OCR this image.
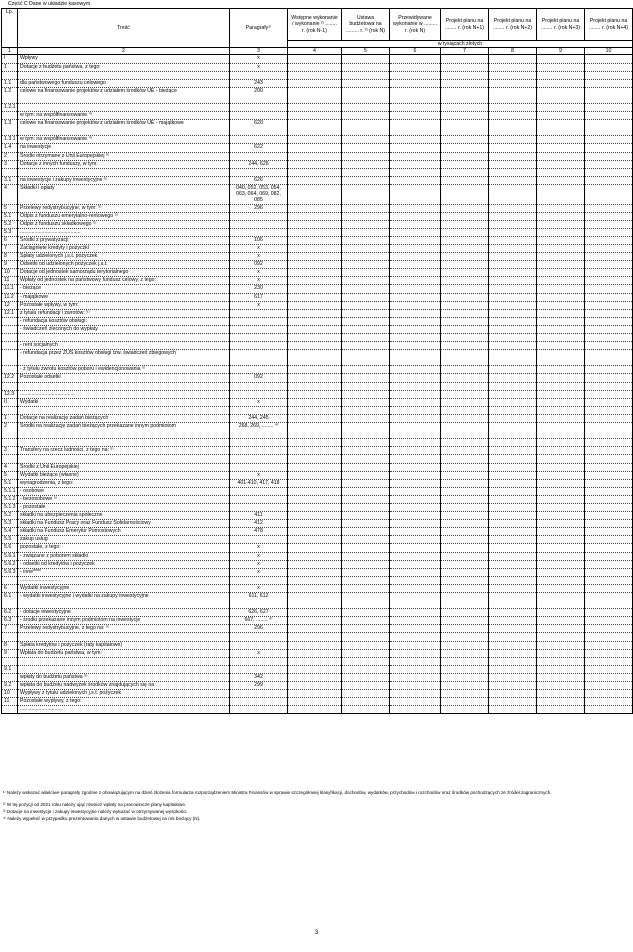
Część C Dane w układzie kasowym
Lp.	Treść	Paragrafy¹⁾	Wstępne wykonanie / wykonanie ²⁾ ........ r. (rok N-1)	Ustawa budżetowa na ......... r. ³⁾ (rok N)	Przewidywane wykonanie w ......... r. (rok N)	Projekt planu na ........ r. (rok N+1)	Projekt planu na ........ r. (rok N+2)	Projekt planu na ........ r. (rok N+3)	Projekt planu na ........ r. (rok N+4)
			w tysiącach złotych						
1	2	3	4	5	6	7	8	9	10
I	Wpływy	x							
1	Dotacje z budżetu państwa, z tego:	x							

1.1	dla państwowego funduszu celowego	243							
1.2	celowe na finansowanie projektów z udziałem środków UE - bieżące	200							
1.2.1									
	w tym: na współfinansowanie ⁴⁾								
1.3	celowe na finansowanie projektów z udziałem środków UE - majątkowe	620							
1.3.1	w tym: na współfinansowanie ⁴⁾								
1.4	na inwestycje	622							
2	Środki otrzymane z Unii Europejskiej ⁵⁾								
3	Dotacje z innych funduszy, w tym:	244, 626							

3.1	na inwestycje i zakupy inwestycyjne ⁵⁾	626							
4	Składki i opłaty	040, 052, 053, 054, 063, 064, 069, 082, 085							
5	Przelewy redystrybucyjne, w tym: ⁵⁾	296							
5.1	Odpis z funduszu emerytalno-rentowego ⁵⁾								
5.2	Odpis z funduszu składkowego ⁵⁾								
5.3	..........................................								
6	Środki z prywatyzacji	106							
7	Zaciągnięte kredyty i pożyczki	x							
8	Spłaty udzielonych j.s.t. pożyczek	x							
9	Odsetki od udzielonych pożyczek j.s.t.	092							
10	Dotacje od jednostek samorządu terytorialnego	x							
11	Wpłaty od jednostek na państwowy fundusz celowy, z tego:	x							
11.1	- bieżące	230							
11.2	- majątkowe	617							
12	Pozostałe wpływy, w tym:	x							
12.1	z tytułu refundacji i zwrotów: ⁵⁾								
	- refundacja kosztów obsługi:								
	- świadczeń zleconych do wypłaty								

	- rent socjalnych								
	- refundacja przez ZUS kosztów obsługi tzw. świadczeń zbiegowych								
	- z tytułu zwrotu kosztów poboru i ewidencjonowania ⁵⁾								
12.2	Pozostałe odsetki	092							

12.3	......................................								
II	Wydatki	x							

1	Dotacje na realizację zadań bieżących	244, 245							
2	Środki na realizację zadań bieżących przekazane innym podmiotom	268, 269, ........ ⁴⁾							

3	Transfery na rzecz ludności, z tego na: ⁵⁾								

4	Środki z Unii Europejskiej								
5	Wydatki bieżące (własne)	x							
5.1	wynagrodzenia, z tego:	401-410, 417, 418							
5.1.1	- osobowe								
5.1.2	- bezosobowe ⁵⁾								
5.1.3	- pozostałe								
5.2	składki na ubezpieczenia społeczne	411							
5.3	składki na Fundusz Pracy oraz Fundusz Solidarnościowy	412							
5.4	składki na Fundusz Emerytur Pomostowych	478							
5.5	zakup usług								
5.6	pozostałe, z tego:	x							
5.6.1	- związane z poborem składki	x							
5.6.2	- odsetki od kredytów i pożyczek	x							
5.6.3	- inne****	x							
	.............................								
6	Wydatki inwestycyjne	x							
6.1	- wydatki inwestycyjne i wydatki na zakupy inwestycyjne	611, 612							
6.2	- dotacje inwestycyjne	626, 627							
6.3	- środki przekazane innym podmiotom na inwestycje	667, ........ ⁴⁾							
7	Przelewy redystrybucyjne, z tego na: ⁵⁾	296							

8	Spłata kredytów i pożyczek (raty kapitałowe)								
9	Wpłata do budżetu państwa, w tym:	x							

9.1									
	wpłaty do budżetu państwa ⁵⁾	342							
9.2	wpłata do budżetu nadwyżek środków znajdujących się na	299							
10	Wypływy z tytułu udzielonych j.s.t. pożyczek								
11	Pozostałe wypływy, z tego:								
	.............................								
¹⁾ Należy wskazać właściwe paragrafy zgodnie z obowiązującym na dzień złożenia formularza rozporządzeniem Ministra Finansów w sprawie szczegółowej klasyfikacji, dochodów, wydatków, przychodów i rozchodów oraz środków pochodzących ze źródeł zagranicznych.
²⁾ W tej pozycji od 2021 roku należy ująć również wpłaty na pracownicze plany kapitałowe.
³⁾ Dotacje na inwestycje i zakupy inwestycyjne należy wykazać w otrzymywanej wysokości.
⁴⁾ Należy wypełnić w przypadku prezentowania danych w ustawie budżetowej na rok bieżący (N).
3
